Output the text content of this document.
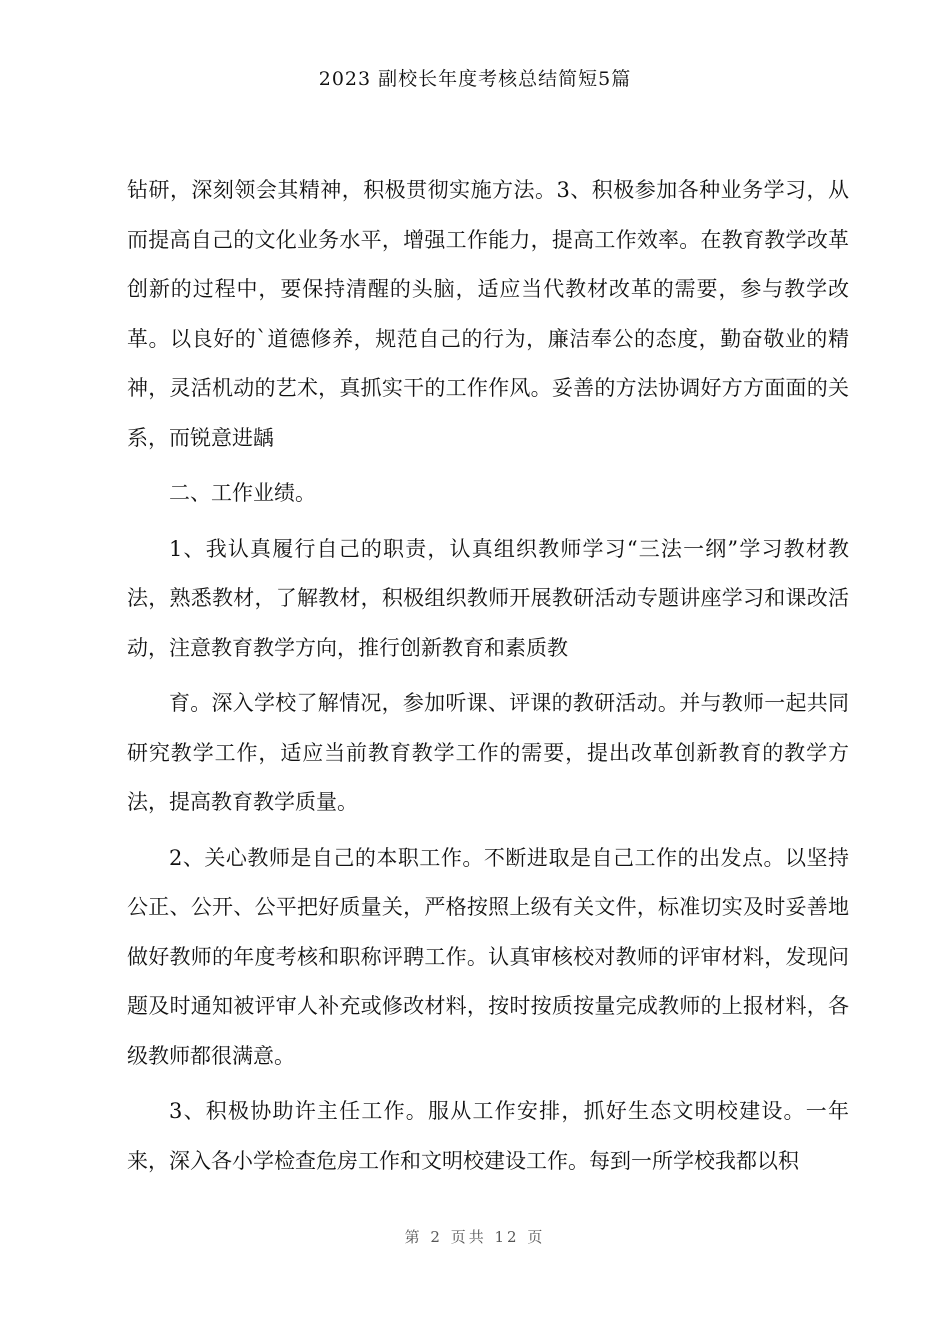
2023 副校长年度考核总结简短5篇

钻研，深刻领会其精神，积极贯彻实施方法。3、积极参加各种业务学习，从而提高自己的文化业务水平，增强工作能力，提高工作效率。在教育教学改革创新的过程中，要保持清醒的头脑，适应当代教材改革的需要，参与教学改革。以良好的`道德修养，规范自己的行为，廉洁奉公的态度，勤奋敬业的精神，灵活机动的艺术，真抓实干的工作作风。妥善的方法协调好方方面面的关系，而锐意进龋

二、工作业绩。

1、我认真履行自己的职责，认真组织教师学习“三法一纲”学习教材教法，熟悉教材，了解教材，积极组织教师开展教研活动专题讲座学习和课改活动，注意教育教学方向，推行创新教育和素质教

育。深入学校了解情况，参加听课、评课的教研活动。并与教师一起共同研究教学工作，适应当前教育教学工作的需要，提出改革创新教育的教学方法，提高教育教学质量。

2、关心教师是自己的本职工作。不断进取是自己工作的出发点。以坚持公正、公开、公平把好质量关，严格按照上级有关文件，标准切实及时妥善地做好教师的年度考核和职称评聘工作。认真审核校对教师的评审材料，发现问题及时通知被评审人补充或修改材料，按时按质按量完成教师的上报材料，各级教师都很满意。

3、积极协助许主任工作。服从工作安排，抓好生态文明校建设。一年来，深入各小学检查危房工作和文明校建设工作。每到一所学校我都以积

第 2 页共 12 页
